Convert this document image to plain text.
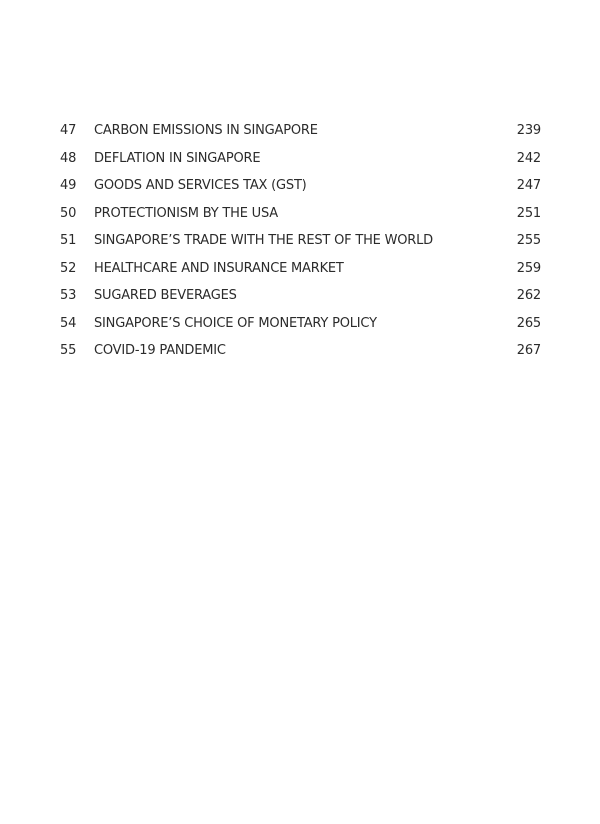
47	CARBON EMISSIONS IN SINGAPORE	239
48	DEFLATION IN SINGAPORE	242
49	GOODS AND SERVICES TAX (GST)	247
50	PROTECTIONISM BY THE USA	251
51	SINGAPORE’S TRADE WITH THE REST OF THE WORLD	255
52	HEALTHCARE AND INSURANCE MARKET	259
53	SUGARED BEVERAGES	262
54	SINGAPORE’S CHOICE OF MONETARY POLICY	265
55	COVID-19 PANDEMIC	267
